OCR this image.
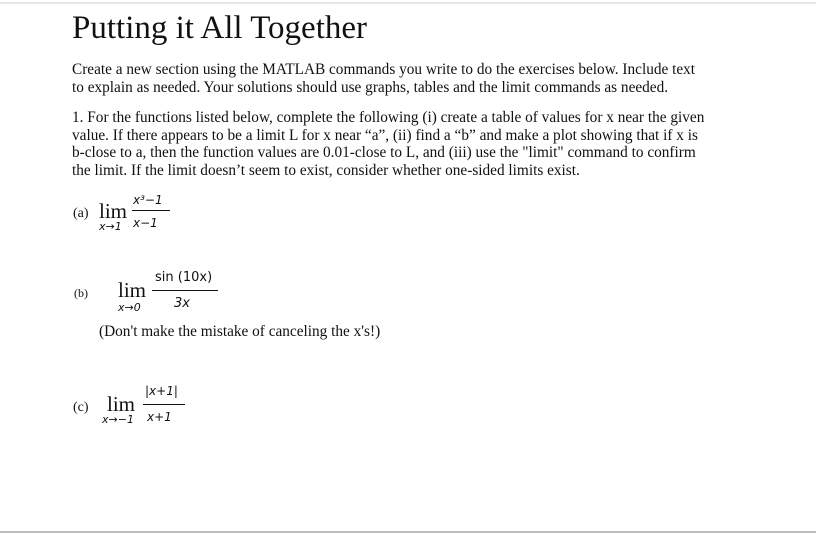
Putting it All Together
Create a new section using the MATLAB commands you write to do the exercises below. Include text
to explain as needed. Your solutions should use graphs, tables and the limit commands as needed.
1. For the functions listed below, complete the following (i) create a table of values for x near the given
value. If there appears to be a limit L for x near “a”, (ii) find a “b” and make a plot showing that if x is
b-close to a, then the function values are 0.01-close to L, and (iii) use the "limit" command to confirm
the limit. If the limit doesn’t seem to exist, consider whether one-sided limits exist.
(a) lim
x→1
x³−1
x−1
(b) lim
x→0
sin (10x)
3x

(Don't make the mistake of canceling the x's!)

(c) lim
x→−1
|x+1|
x+1
